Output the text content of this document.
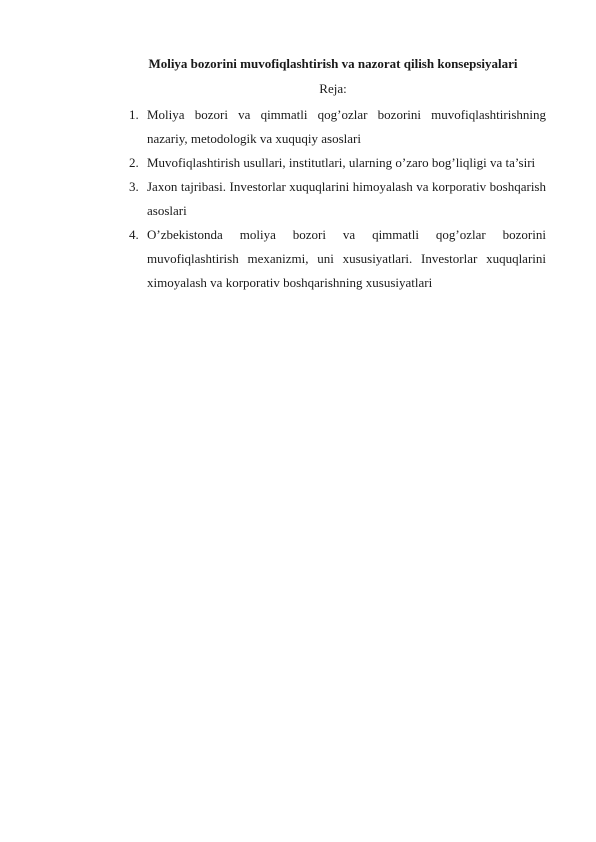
Moliya bozorini muvofiqlashtirish va nazorat qilish konsepsiyalari

Reja:

1. Moliya bozori va qimmatli qog’ozlar bozorini muvofiqlashtirishning nazariy, metodologik va xuquqiy asoslari
2. Muvofiqlashtirish usullari, institutlari, ularning o’zaro bog’liqligi va ta’siri
3. Jaxon tajribasi. Investorlar xuquqlarini himoyalash va korporativ boshqarish asoslari
4. O’zbekistonda moliya bozori va qimmatli qog’ozlar bozorini muvofiqlashtirish mexanizmi, uni xususiyatlari. Investorlar xuquqlarini ximoyalash va korporativ boshqarishning xususiyatlari
